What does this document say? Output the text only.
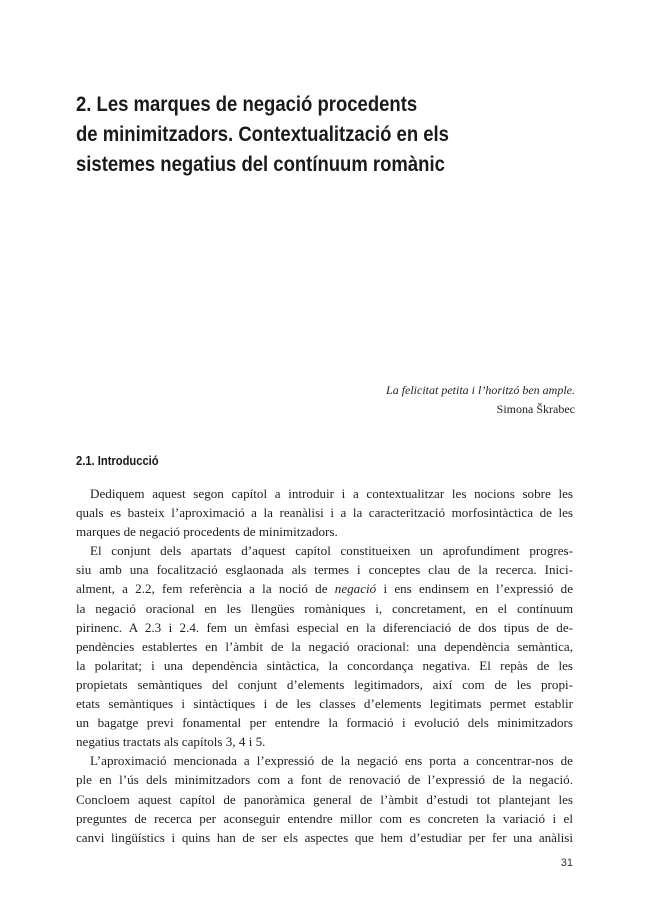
2. Les marques de negació procedents
de minimitzadors. Contextualització en els
sistemes negatius del contínuum romànic
La felicitat petita i l’horitzó ben ample.
Simona Škrabec
2.1. Introducció
Dediquem aquest segon capítol a introduir i a contextualitzar les nocions sobre les
quals es basteix l’aproximació a la reanàlisi i a la caracterització morfosintàctica de les
marques de negació procedents de minimitzadors.
El conjunt dels apartats d’aquest capítol constitueixen un aprofundiment progres-
siu amb una focalització esglaonada als termes i conceptes clau de la recerca. Inici-
alment, a 2.2, fem referència a la noció de negació i ens endinsem en l’expressió de
la negació oracional en les llengües romàniques i, concretament, en el contínuum
pirinenc. A 2.3 i 2.4. fem un èmfasi especial en la diferenciació de dos tipus de de-
pendències establertes en l’àmbit de la negació oracional: una dependència semàntica,
la polaritat; i una dependència sintàctica, la concordança negativa. El repàs de les
propietats semàntiques del conjunt d’elements legitimadors, així com de les propi-
etats semàntiques i sintàctiques i de les classes d’elements legitimats permet establir
un bagatge previ fonamental per entendre la formació i evolució dels minimitzadors
negatius tractats als capítols 3, 4 i 5.
L’aproximació mencionada a l’expressió de la negació ens porta a concentrar-nos de
ple en l’ús dels minimitzadors com a font de renovació de l’expressió de la negació.
Concloem aquest capítol de panoràmica general de l’àmbit d’estudi tot plantejant les
preguntes de recerca per aconseguir entendre millor com es concreten la variació i el
canvi lingüístics i quins han de ser els aspectes que hem d’estudiar per fer una anàlisi
31
